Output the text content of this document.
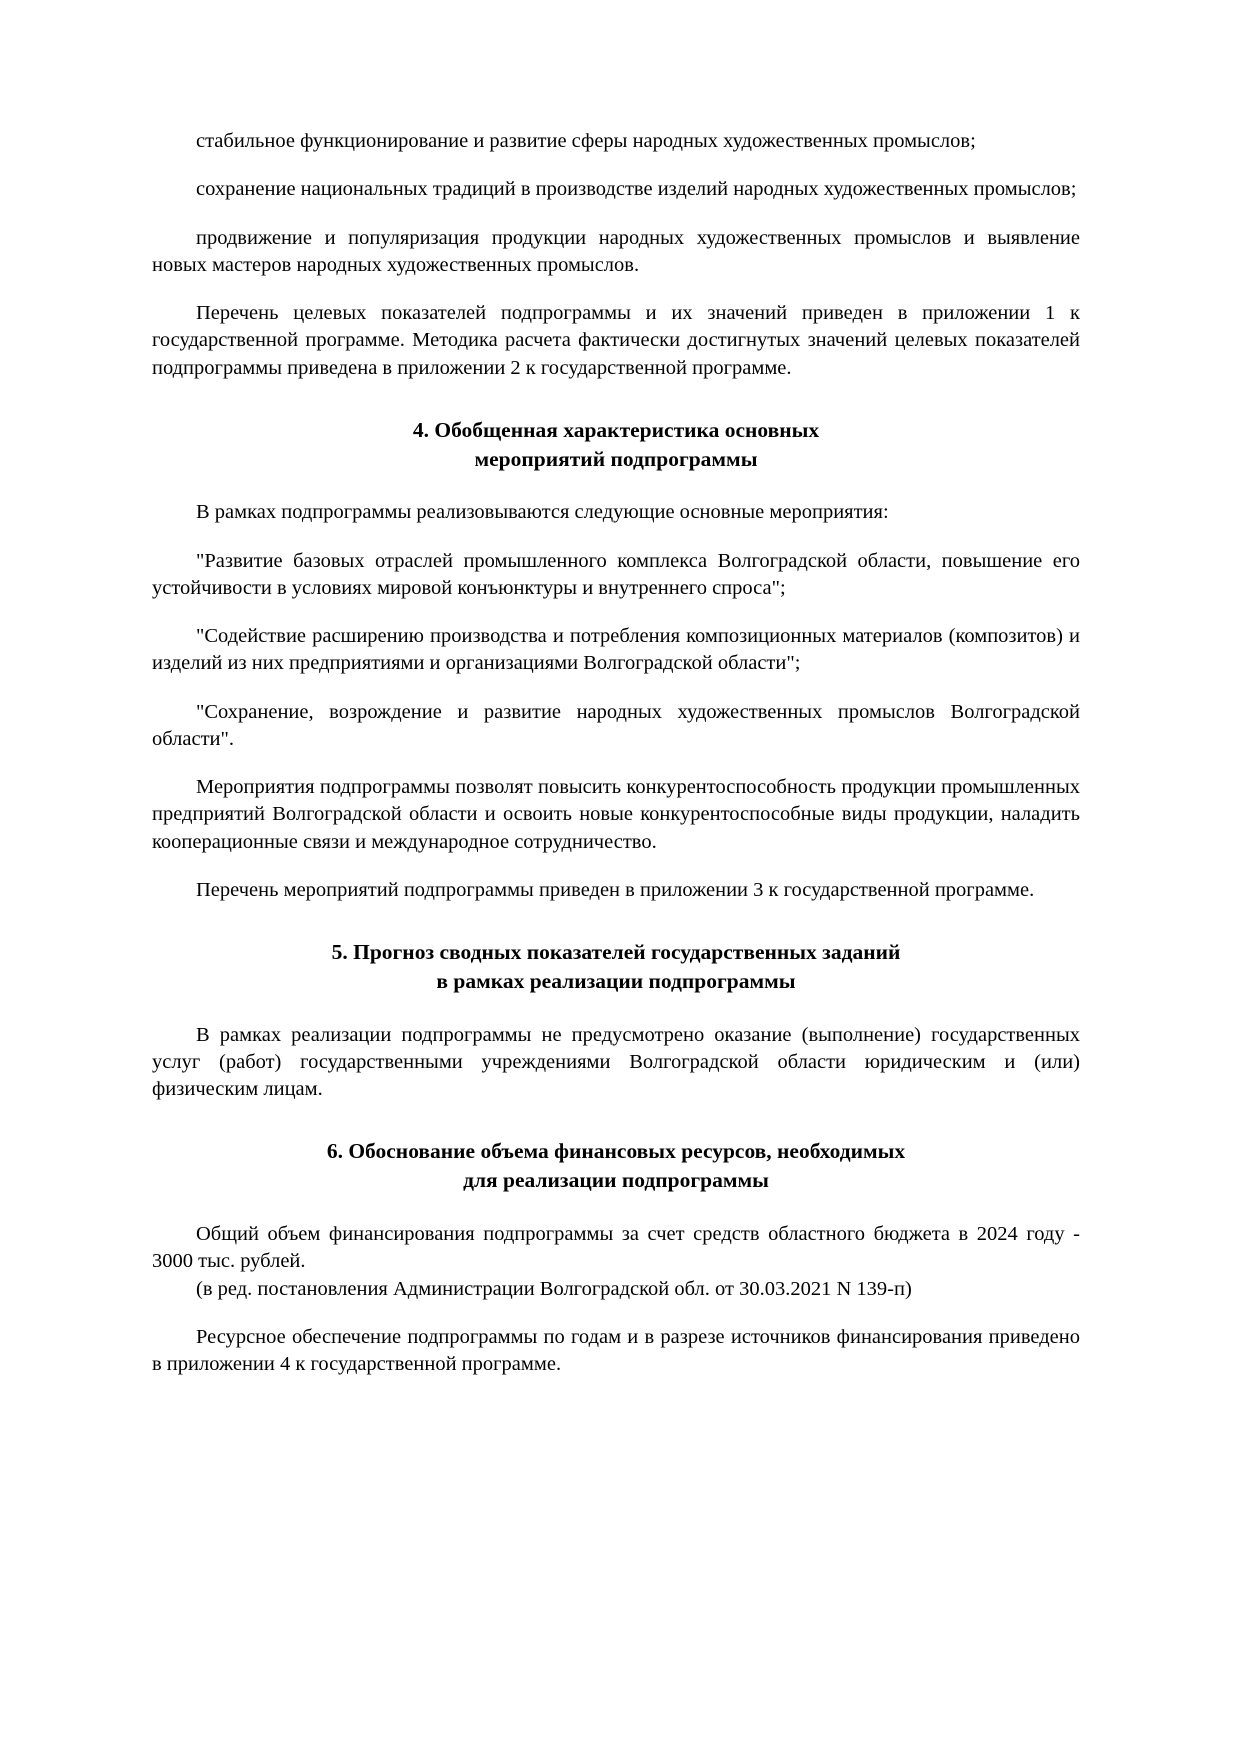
стабильное функционирование и развитие сферы народных художественных промыслов;

сохранение национальных традиций в производстве изделий народных художественных промыслов;

продвижение и популяризация продукции народных художественных промыслов и выявление новых мастеров народных художественных промыслов.

Перечень целевых показателей подпрограммы и их значений приведен в приложении 1 к государственной программе. Методика расчета фактически достигнутых значений целевых показателей подпрограммы приведена в приложении 2 к государственной программе.

4. Обобщенная характеристика основных
мероприятий подпрограммы

В рамках подпрограммы реализовываются следующие основные мероприятия:

"Развитие базовых отраслей промышленного комплекса Волгоградской области, повышение его устойчивости в условиях мировой конъюнктуры и внутреннего спроса";

"Содействие расширению производства и потребления композиционных материалов (композитов) и изделий из них предприятиями и организациями Волгоградской области";

"Сохранение, возрождение и развитие народных художественных промыслов Волгоградской области".

Мероприятия подпрограммы позволят повысить конкурентоспособность продукции промышленных предприятий Волгоградской области и освоить новые конкурентоспособные виды продукции, наладить кооперационные связи и международное сотрудничество.

Перечень мероприятий подпрограммы приведен в приложении 3 к государственной программе.

5. Прогноз сводных показателей государственных заданий
в рамках реализации подпрограммы

В рамках реализации подпрограммы не предусмотрено оказание (выполнение) государственных услуг (работ) государственными учреждениями Волгоградской области юридическим и (или) физическим лицам.

6. Обоснование объема финансовых ресурсов, необходимых
для реализации подпрограммы

Общий объем финансирования подпрограммы за счет средств областного бюджета в 2024 году - 3000 тыс. рублей.

(в ред. постановления Администрации Волгоградской обл. от 30.03.2021 N 139-п)

Ресурсное обеспечение подпрограммы по годам и в разрезе источников финансирования приведено в приложении 4 к государственной программе.
